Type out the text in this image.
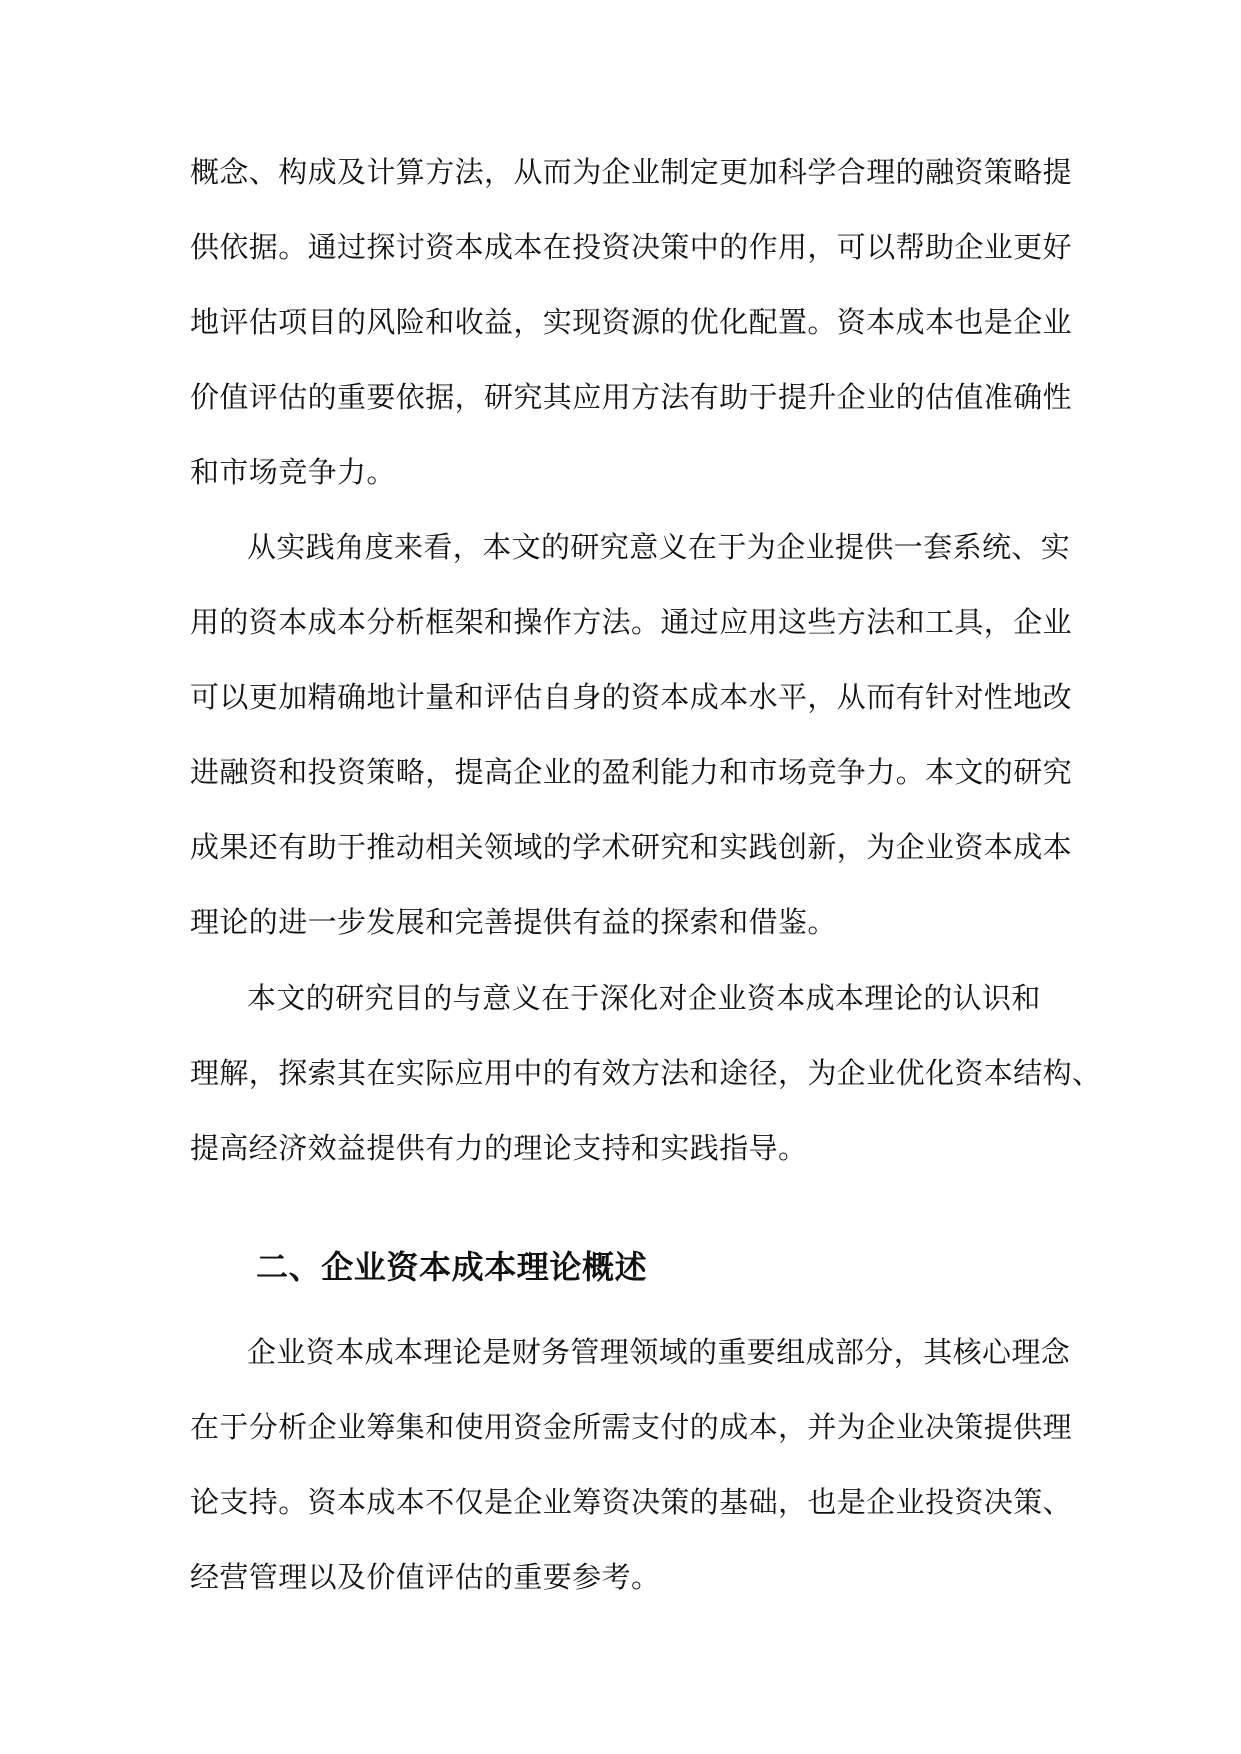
概念、构成及计算方法，从而为企业制定更加科学合理的融资策略提
供依据。通过探讨资本成本在投资决策中的作用，可以帮助企业更好
地评估项目的风险和收益，实现资源的优化配置。资本成本也是企业
价值评估的重要依据，研究其应用方法有助于提升企业的估值准确性
和市场竞争力。
从实践角度来看，本文的研究意义在于为企业提供一套系统、实
用的资本成本分析框架和操作方法。通过应用这些方法和工具，企业
可以更加精确地计量和评估自身的资本成本水平，从而有针对性地改
进融资和投资策略，提高企业的盈利能力和市场竞争力。本文的研究
成果还有助于推动相关领域的学术研究和实践创新，为企业资本成本
理论的进一步发展和完善提供有益的探索和借鉴。
本文的研究目的与意义在于深化对企业资本成本理论的认识和
理解，探索其在实际应用中的有效方法和途径，为企业优化资本结构、
提高经济效益提供有力的理论支持和实践指导。
二、企业资本成本理论概述
企业资本成本理论是财务管理领域的重要组成部分，其核心理念
在于分析企业筹集和使用资金所需支付的成本，并为企业决策提供理
论支持。资本成本不仅是企业筹资决策的基础，也是企业投资决策、
经营管理以及价值评估的重要参考。
